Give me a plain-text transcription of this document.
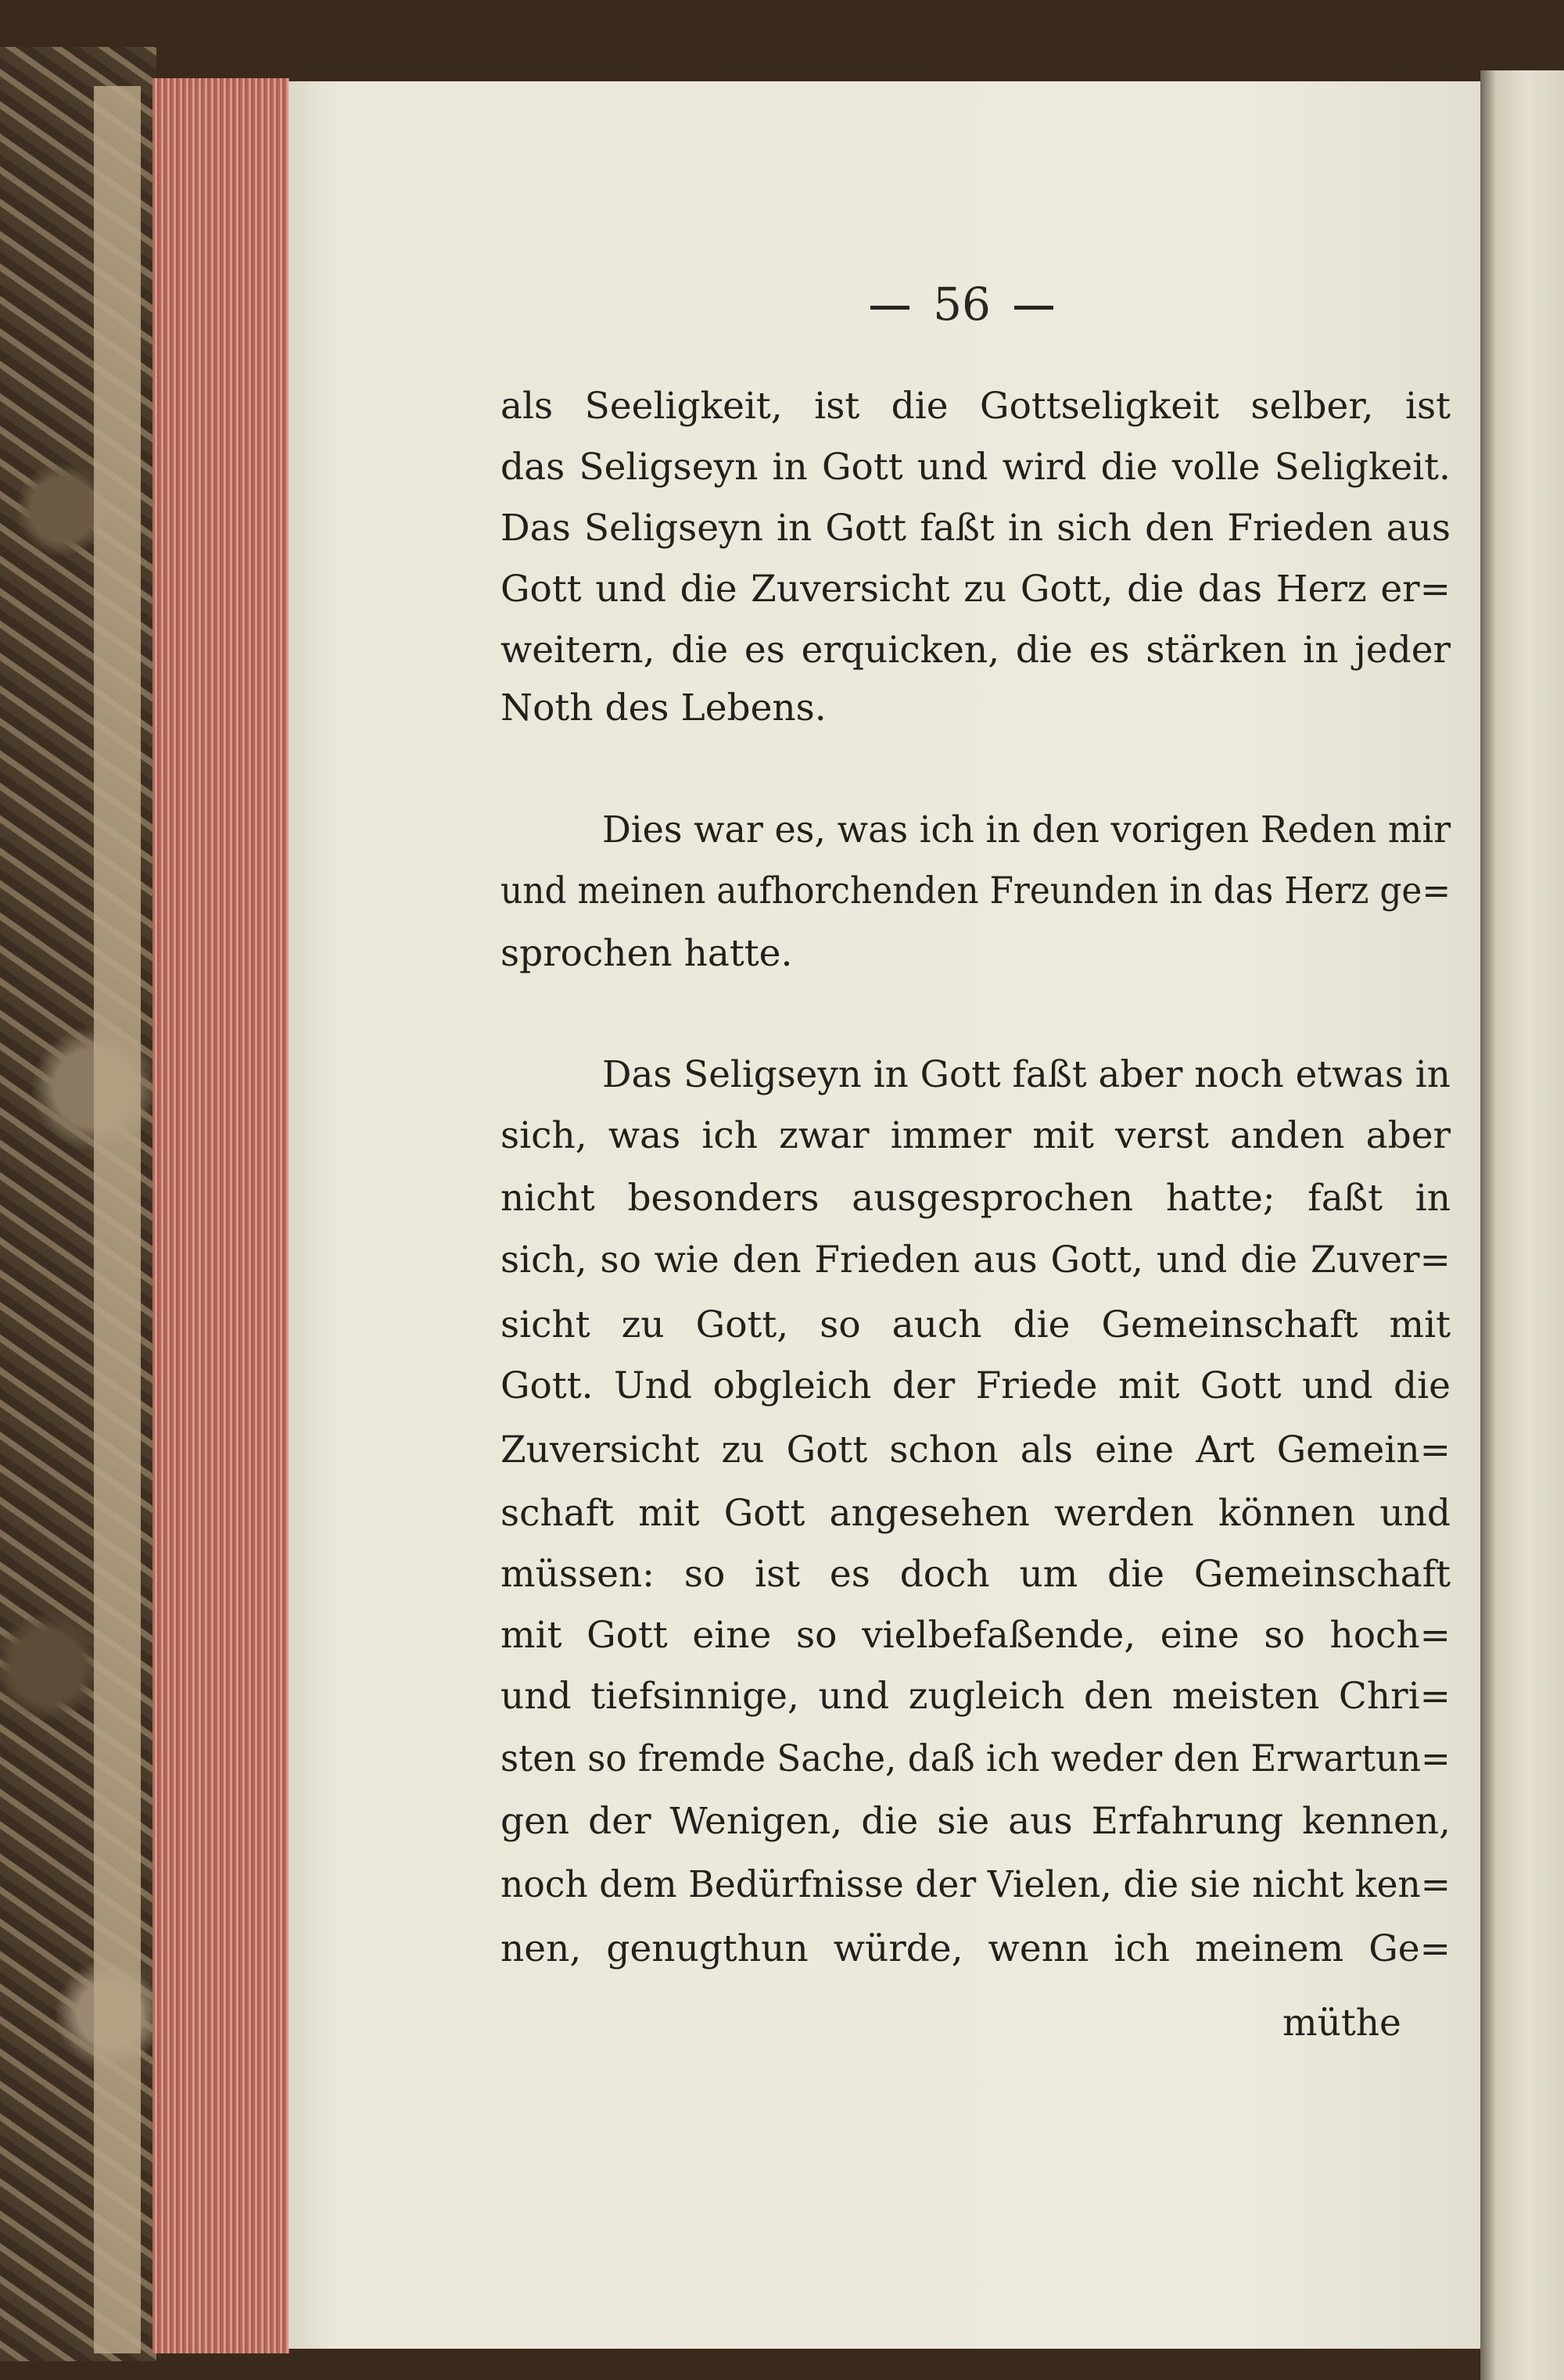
56
als Seeligkeit, ist die Gottseligkeit selber, ist
das Seligseyn in Gott und wird die volle Seligkeit.
Das Seligseyn in Gott faßt in sich den Frieden aus
Gott und die Zuversicht zu Gott, die das Herz er=
weitern, die es erquicken, die es stärken in jeder
Noth des Lebens.
Dies war es, was ich in den vorigen Reden mir
und meinen aufhorchenden Freunden in das Herz ge=
sprochen hatte.
Das Seligseyn in Gott faßt aber noch etwas in
sich, was ich zwar immer mit verst anden aber
nicht besonders ausgesprochen hatte; faßt in
sich, so wie den Frieden aus Gott, und die Zuver=
sicht zu Gott, so auch die Gemeinschaft mit
Gott. Und obgleich der Friede mit Gott und die
Zuversicht zu Gott schon als eine Art Gemein=
schaft mit Gott angesehen werden können und
müssen: so ist es doch um die Gemeinschaft
mit Gott eine so vielbefaßende, eine so hoch=
und tiefsinnige, und zugleich den meisten Chri=
sten so fremde Sache, daß ich weder den Erwartun=
gen der Wenigen, die sie aus Erfahrung kennen,
noch dem Bedürfnisse der Vielen, die sie nicht ken=
nen, genugthun würde, wenn ich meinem Ge=
müthe
